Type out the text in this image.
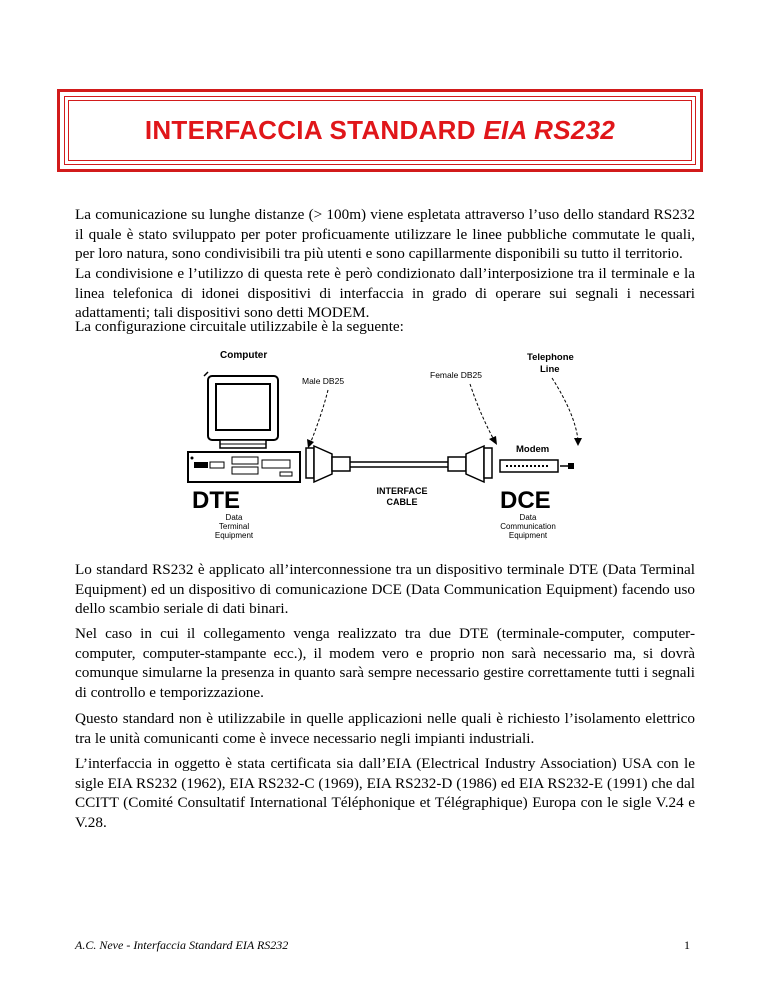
INTERFACCIA STANDARD EIA RS232

La comunicazione su lunghe distanze (> 100m) viene espletata attraverso l’uso dello standard RS232 il quale è stato sviluppato per poter proficuamente utilizzare le linee pubbliche commutate le quali, per loro natura, sono condivisibili tra più utenti e sono capillarmente disponibili su tutto il territorio.

La condivisione e l’utilizzo di questa rete è però condizionato dall’interposizione tra il terminale e la linea telefonica di idonei dispositivi di interfaccia in grado di operare sui segnali i necessari adattamenti; tali dispositivi sono detti MODEM.

La configurazione circuitale utilizzabile è la seguente:

Computer
Male DB25
Female DB25
Telephone
Line
Modem
DTE
Data
Terminal
Equipment
INTERFACE
CABLE	DCE
Data
Communication
Equipment

Lo standard RS232 è applicato all’interconnessione tra un dispositivo terminale DTE (Data Terminal Equipment) ed un dispositivo di comunicazione DCE (Data Communication Equipment) facendo uso dello scambio seriale di dati binari.

Nel caso in cui il collegamento venga realizzato tra due DTE (terminale-computer, computer-computer, computer-stampante ecc.), il modem vero e proprio non sarà necessario ma, si dovrà comunque simularne la presenza in quanto sarà sempre necessario gestire correttamente tutti i segnali di controllo e temporizzazione.

Questo standard non è utilizzabile in quelle applicazioni nelle quali è richiesto l’isolamento elettrico tra le unità comunicanti come è invece necessario negli impianti industriali.

L’interfaccia in oggetto è stata certificata sia dall’EIA (Electrical Industry Association) USA con le sigle EIA RS232 (1962), EIA RS232-C (1969), EIA RS232-D (1986) ed EIA RS232-E (1991) che dal CCITT (Comité Consultatif International Téléphonique et Télégraphique) Europa con le sigle V.24 e V.28.

A.C. Neve - Interfaccia Standard EIA RS232	1
